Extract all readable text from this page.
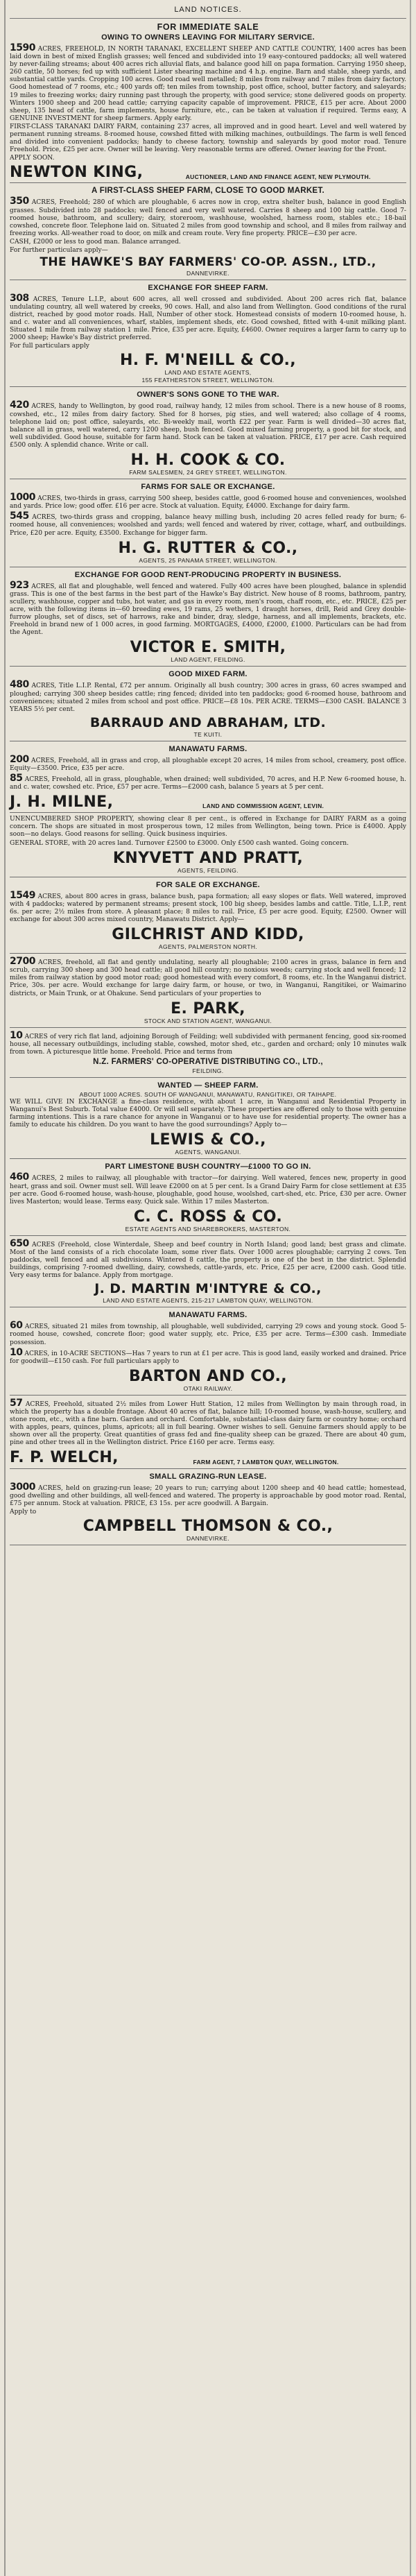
LAND NOTICES.
FOR IMMEDIATE SALE
OWING TO OWNERS LEAVING FOR MILITARY SERVICE.

1590 ACRES, FREEHOLD, IN NORTH TARANAKI, EXCELLENT SHEEP AND CATTLE COUNTRY, 1400 acres has been laid down in best of mixed English grasses; well fenced and subdivided into 19 easy-contoured paddocks; all well watered by never-failing streams; about 400 acres rich alluvial flats, and balance good hill on papa formation. Carrying 1950 sheep, 260 cattle, 50 horses; fed up with sufficient Lister shearing machine and 4 h.p. engine. Barn and stable, sheep yards, and substantial cattle yards. Cropping 100 acres. Good road well metalled; 8 miles from railway and 7 miles from dairy factory. Good homestead of 7 rooms, etc.; 400 yards off; ten miles from township, post office, school, butter factory, and saleyards; 19 miles to freezing works; dairy running past through the property, with good service; stone delivered goods on property. Winters 1900 sheep and 200 head cattle; carrying capacity capable of improvement. PRICE, £15 per acre. About 2000 sheep, 135 head of cattle, farm implements, house furniture, etc., can be taken at valuation if required. Terms easy, A GENUINE INVESTMENT for sheep farmers. Apply early.

FIRST-CLASS TARANAKI DAIRY FARM, containing 237 acres, all improved and in good heart. Level and well watered by permanent running streams. 8-roomed house, cowshed fitted with milking machines, outbuildings. The farm is well fenced and divided into convenient paddocks; handy to cheese factory, township and saleyards by good motor road. Tenure Freehold. Price, £25 per acre. Owner will be leaving. Very reasonable terms are offered. Owner leaving for the Front.

APPLY SOON.
NEWTON KING,	AUCTIONEER, LAND AND FINANCE AGENT, NEW PLYMOUTH.
A FIRST-CLASS SHEEP FARM, CLOSE TO GOOD MARKET.

350 ACRES, Freehold; 280 of which are ploughable, 6 acres now in crop, extra shelter bush, balance in good English grasses. Subdivided into 28 paddocks; well fenced and very well watered. Carries 8 sheep and 100 big cattle. Good 7-roomed house, bathroom, and scullery; dairy, storeroom, washhouse, woolshed, harness room, stables etc.; 18-bail cowshed, concrete floor. Telephone laid on. Situated 2 miles from good township and school, and 8 miles from railway and freezing works. All-weather road to door, on milk and cream route. Very fine property. PRICE—£30 per acre.

CASH, £2000 or less to good man. Balance arranged.

For further particulars apply—
THE HAWKE'S BAY FARMERS' CO-OP. ASSN., LTD.,
DANNEVIRKE.
EXCHANGE FOR SHEEP FARM.

308 ACRES, Tenure L.I.P., about 600 acres, all well crossed and subdivided. About 200 acres rich flat, balance undulating country, all well watered by creeks, 90 cows. Hall, and also land from Wellington. Good conditions of the rural district, reached by good motor roads. Hall, Number of other stock. Homestead consists of modern 10-roomed house, h. and c. water and all conveniences, wharf, stables, implement sheds, etc. Good cowshed, fitted with 4-unit milking plant. Situated 1 mile from railway station 1 mile. Price, £35 per acre. Equity, £4600. Owner requires a larger farm to carry up to 2000 sheep; Hawke's Bay district preferred.

For full particulars apply
H. F. M'NEILL & CO.,
LAND AND ESTATE AGENTS,
155 FEATHERSTON STREET, WELLINGTON.
OWNER'S SONS GONE TO THE WAR.

420 ACRES, handy to Wellington, by good road, railway handy, 12 miles from school. There is a new house of 8 rooms, cowshed, etc., 12 miles from dairy factory. Shed for 8 horses, pig sties, and well watered; also collage of 4 rooms, telephone laid on; post office, saleyards, etc. Bi-weekly mail, worth £22 per year. Farm is well divided—30 acres flat, balance all in grass, well watered, carry 1200 sheep, bush fenced. Good mixed farming property, a good bit for stock, and well subdivided. Good house, suitable for farm hand. Stock can be taken at valuation. PRICE, £17 per acre. Cash required £500 only. A splendid chance. Write or call.

H. H. COOK & CO.
FARM SALESMEN, 24 GREY STREET, WELLINGTON.
FARMS FOR SALE OR EXCHANGE.

1000 ACRES, two-thirds in grass, carrying 500 sheep, besides cattle, good 6-roomed house and conveniences, woolshed and yards. Price low; good offer. £16 per acre. Stock at valuation. Equity, £4000. Exchange for dairy farm.

545 ACRES, two-thirds grass and cropping, balance heavy milling bush, including 20 acres felled ready for burn; 6-roomed house, all conveniences; woolshed and yards; well fenced and watered by river, cottage, wharf, and outbuildings. Price, £20 per acre. Equity, £3500. Exchange for bigger farm.

H. G. RUTTER & CO.,
AGENTS, 25 PANAMA STREET, WELLINGTON.
EXCHANGE FOR GOOD RENT-PRODUCING PROPERTY IN BUSINESS.

923 ACRES, all flat and ploughable, well fenced and watered. Fully 400 acres have been ploughed, balance in splendid grass. This is one of the best farms in the best part of the Hawke's Bay district. New house of 8 rooms, bathroom, pantry, scullery, washhouse, copper and tubs, hot water, and gas in every room, men's room, chaff room, etc., etc. PRICE, £25 per acre, with the following items in—60 breeding ewes, 19 rams, 25 wethers, 1 draught horses, drill, Reid and Grey double-furrow ploughs, set of discs, set of harrows, rake and binder, dray, sledge, harness, and all implements, brackets, etc. Freehold in brand new of 1 000 acres, in good farming. MORTGAGES, £4000, £2000, £1000. Particulars can be had from the Agent.

VICTOR E. SMITH,
LAND AGENT, FEILDING.
GOOD MIXED FARM.

480 ACRES, Title L.I.P. Rental, £72 per annum. Originally all bush country; 300 acres in grass, 60 acres swamped and ploughed; carrying 300 sheep besides cattle; ring fenced; divided into ten paddocks; good 6-roomed house, bathroom and conveniences; situated 2 miles from school and post office. PRICE—£8 10s. PER ACRE. TERMS—£300 CASH. BALANCE 3 YEARS 5½ per cent.

BARRAUD AND ABRAHAM, LTD.
TE KUITI.
MANAWATU FARMS.

200 ACRES, Freehold, all in grass and crop, all ploughable except 20 acres, 14 miles from school, creamery, post office. Equity—£3500. Price, £35 per acre.

85 ACRES, Freehold, all in grass, ploughable, when drained; well subdivided, 70 acres, and H.P. New 6-roomed house, h. and c. water, cowshed etc. Price, £57 per acre. Terms—£2000 cash, balance 5 years at 5 per cent.

J. H. MILNE,	LAND AND COMMISSION AGENT, LEVIN.

UNENCUMBERED SHOP PROPERTY, showing clear 8 per cent., is offered in Exchange for DAIRY FARM as a going concern. The shops are situated in most prosperous town, 12 miles from Wellington, being town. Price is £4000. Apply soon—no delays. Good reasons for selling. Quick business inquiries.

GENERAL STORE, with 20 acres land. Turnover £2500 to £3000. Only £500 cash wanted. Going concern.

KNYVETT AND PRATT,
AGENTS, FEILDING.
FOR SALE OR EXCHANGE.

1549 ACRES, about 800 acres in grass, balance bush, papa formation; all easy slopes or flats. Well watered, improved with 4 paddocks; watered by permanent streams; present stock, 100 big sheep, besides lambs and cattle. Title, L.I.P., rent 6s. per acre; 2½ miles from store. A pleasant place; 8 miles to rail. Price, £5 per acre good. Equity, £2500. Owner will exchange for about 300 acres mixed country, Manawatu District. Apply—

GILCHRIST AND KIDD,
AGENTS, PALMERSTON NORTH.

2700 ACRES, freehold, all flat and gently undulating, nearly all ploughable; 2100 acres in grass, balance in fern and scrub, carrying 300 sheep and 300 head cattle; all good hill country; no noxious weeds; carrying stock and well fenced; 12 miles from railway station by good motor road; good homestead with every comfort, 8 rooms, etc. In the Wanganui district. Price, 30s. per acre. Would exchange for large dairy farm, or house, or two, in Wanganui, Rangitikei, or Waimarino districts, or Main Trunk, or at Ohakune. Send particulars of your properties to

E. PARK,
STOCK AND STATION AGENT, WANGANUI.

10 ACRES of very rich flat land, adjoining Borough of Feilding; well subdivided with permanent fencing, good six-roomed house, all necessary outbuildings, including stable, cowshed, motor shed, etc., garden and orchard; only 10 minutes walk from town. A picturesque little home. Freehold. Price and terms from

N.Z. FARMERS' CO-OPERATIVE DISTRIBUTING CO., LTD.,
FEILDING.
WANTED — SHEEP FARM.
ABOUT 1000 ACRES. SOUTH OF WANGANUI, MANAWATU, RANGITIKEI, OR TAIHAPE.

WE WILL GIVE IN EXCHANGE a fine-class residence, with about 1 acre, in Wanganui and Residential Property in Wanganui's Best Suburb. Total value £4000. Or will sell separately. These properties are offered only to those with genuine farming intentions. This is a rare chance for anyone in Wanganui or to have use for residential property. The owner has a family to educate his children. Do you want to have the good surroundings? Apply to—

LEWIS & CO.,
AGENTS, WANGANUI.
PART LIMESTONE BUSH COUNTRY—£1000 TO GO IN.

460 ACRES, 2 miles to railway, all ploughable with tractor—for dairying. Well watered, fences new, property in good heart, grass and soil. Owner must sell. Will leave £2000 on at 5 per cent. Is a Grand Dairy Farm for close settlement at £35 per acre. Good 6-roomed house, wash-house, ploughable, good house, woolshed, cart-shed, etc. Price, £30 per acre. Owner lives Masterton; would lease. Terms easy. Quick sale. Within 17 miles Masterton.

C. C. ROSS & CO.
ESTATE AGENTS AND SHAREBROKERS, MASTERTON.

650 ACRES (Freehold, close Winterdale, Sheep and beef country in North Island; good land; best grass and climate. Most of the land consists of a rich chocolate loam, some river flats. Over 1000 acres ploughable; carrying 2 cows. Ten paddocks, well fenced and all subdivisions. Wintered 8 cattle, the property is one of the best in the district. Splendid buildings, comprising 7-roomed dwelling, dairy, cowsheds, cattle-yards, etc. Price, £25 per acre, £2000 cash. Good title. Very easy terms for balance. Apply from mortgage.

J. D. MARTIN M'INTYRE & CO.,
LAND AND ESTATE AGENTS, 215-217 LAMBTON QUAY, WELLINGTON.
MANAWATU FARMS.

60 ACRES, situated 21 miles from township, all ploughable, well subdivided, carrying 29 cows and young stock. Good 5-roomed house, cowshed, concrete floor; good water supply, etc. Price, £35 per acre. Terms—£300 cash. Immediate possession.

10 ACRES, in 10-ACRE SECTIONS—Has 7 years to run at £1 per acre. This is good land, easily worked and drained. Price for goodwill—£150 cash. For full particulars apply to

BARTON AND CO.,
OTAKI RAILWAY.

57 ACRES, Freehold, situated 2½ miles from Lower Hutt Station, 12 miles from Wellington by main through road, in which the property has a double frontage. About 40 acres of flat, balance hill; 10-roomed house, wash-house, scullery, and stone room, etc., with a fine barn. Garden and orchard. Comfortable, substantial-class dairy farm or country home; orchard with apples, pears, quinces, plums, apricots; all in full bearing. Owner wishes to sell. Genuine farmers should apply to be shown over all the property. Great quantities of grass fed and fine-quality sheep can be grazed. There are about 40 gum, pine and other trees all in the Wellington district. Price £160 per acre. Terms easy.

F. P. WELCH,	FARM AGENT, 7 LAMBTON QUAY, WELLINGTON.
SMALL GRAZING-RUN LEASE.

3000 ACRES, held on grazing-run lease; 20 years to run; carrying about 1200 sheep and 40 head cattle; homestead, good dwelling and other buildings, all well-fenced and watered. The property is approachable by good motor road. Rental, £75 per annum. Stock at valuation. PRICE, £3 15s. per acre goodwill. A Bargain.

Apply to
CAMPBELL THOMSON & CO.,
DANNEVIRKE.
